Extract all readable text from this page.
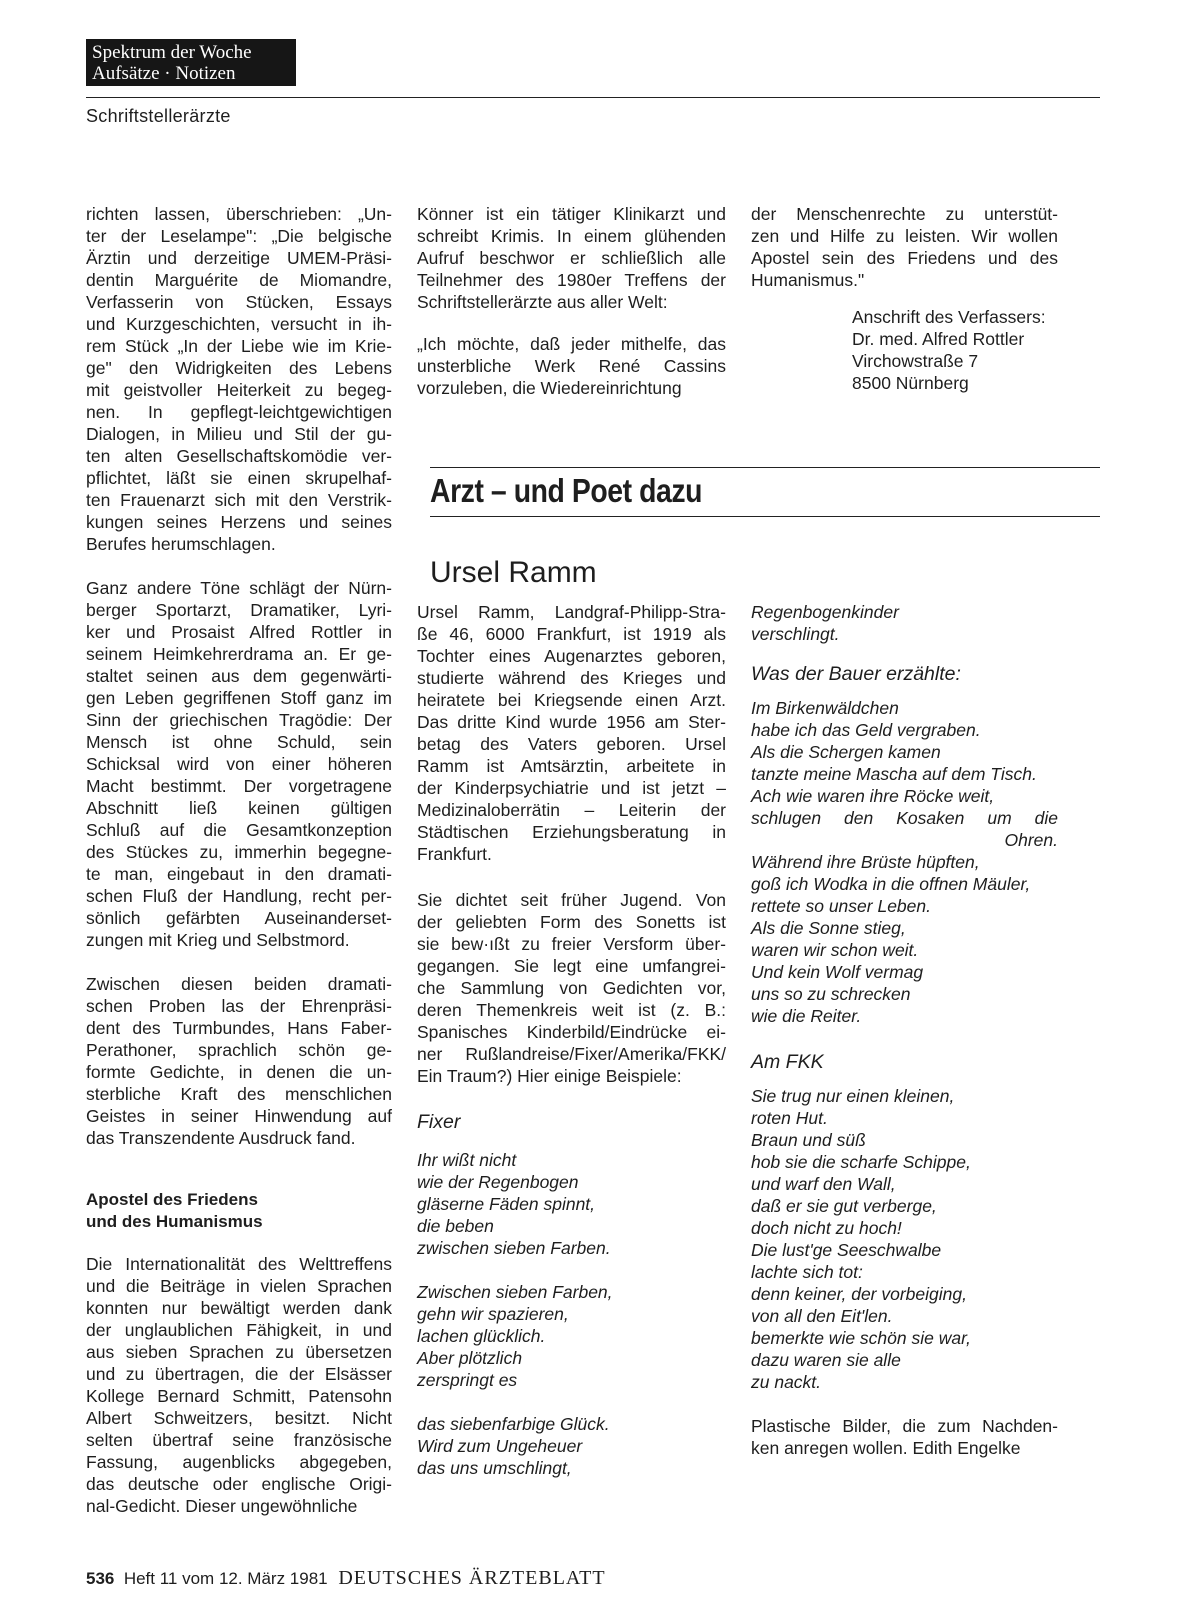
Spektrum der Woche
Aufsätze · Notizen
Schriftstellerärzte

richten lassen, überschrieben: „Un-

ter der Leselampe": „Die belgische

Ärztin und derzeitige UMEM-Präsi-

dentin Marguérite de Miomandre,

Verfasserin von Stücken, Essays

und Kurzgeschichten, versucht in ih-

rem Stück „In der Liebe wie im Krie-

ge" den Widrigkeiten des Lebens

mit geistvoller Heiterkeit zu begeg-

nen. In gepflegt-leichtgewichtigen

Dialogen, in Milieu und Stil der gu-

ten alten Gesellschaftskomödie ver-

pflichtet, läßt sie einen skrupelhaf-

ten Frauenarzt sich mit den Verstrik-

kungen seines Herzens und seines

Berufes herumschlagen.

Ganz andere Töne schlägt der Nürn-

berger Sportarzt, Dramatiker, Lyri-

ker und Prosaist Alfred Rottler in

seinem Heimkehrerdrama an. Er ge-

staltet seinen aus dem gegenwärti-

gen Leben gegriffenen Stoff ganz im

Sinn der griechischen Tragödie: Der

Mensch ist ohne Schuld, sein

Schicksal wird von einer höheren

Macht bestimmt. Der vorgetragene

Abschnitt ließ keinen gültigen

Schluß auf die Gesamtkonzeption

des Stückes zu, immerhin begegne-

te man, eingebaut in den dramati-

schen Fluß der Handlung, recht per-

sönlich gefärbten Auseinanderset-

zungen mit Krieg und Selbstmord.

Zwischen diesen beiden dramati-

schen Proben las der Ehrenpräsi-

dent des Turmbundes, Hans Faber-

Perathoner, sprachlich schön ge-

formte Gedichte, in denen die un-

sterbliche Kraft des menschlichen

Geistes in seiner Hinwendung auf

das Transzendente Ausdruck fand.

Apostel des Friedens

und des Humanismus

Die Internationalität des Welttreffens

und die Beiträge in vielen Sprachen

konnten nur bewältigt werden dank

der unglaublichen Fähigkeit, in und

aus sieben Sprachen zu übersetzen

und zu übertragen, die der Elsässer

Kollege Bernard Schmitt, Patensohn

Albert Schweitzers, besitzt. Nicht

selten übertraf seine französische

Fassung, augenblicks abgegeben,

das deutsche oder englische Origi-

nal-Gedicht. Dieser ungewöhnliche

Könner ist ein tätiger Klinikarzt und

schreibt Krimis. In einem glühenden

Aufruf beschwor er schließlich alle

Teilnehmer des 1980er Treffens der

Schriftstellerärzte aus aller Welt:

„Ich möchte, daß jeder mithelfe, das

unsterbliche Werk René Cassins

vorzuleben, die Wiedereinrichtung

der Menschenrechte zu unterstüt-

zen und Hilfe zu leisten. Wir wollen

Apostel sein des Friedens und des

Humanismus."

Anschrift des Verfassers:

Dr. med. Alfred Rottler

Virchowstraße 7

8500 Nürnberg

Arzt – und Poet dazu
Ursel Ramm

Ursel Ramm, Landgraf-Philipp-Stra-

ße 46, 6000 Frankfurt, ist 1919 als

Tochter eines Augenarztes geboren,

studierte während des Krieges und

heiratete bei Kriegsende einen Arzt.

Das dritte Kind wurde 1956 am Ster-

betag des Vaters geboren. Ursel

Ramm ist Amtsärztin, arbeitete in

der Kinderpsychiatrie und ist jetzt –

Medizinaloberrätin – Leiterin der

Städtischen Erziehungsberatung in

Frankfurt.

Sie dichtet seit früher Jugend. Von

der geliebten Form des Sonetts ist

sie bew·ıßt zu freier Versform über-

gegangen. Sie legt eine umfangrei-

che Sammlung von Gedichten vor,

deren Themenkreis weit ist (z. B.:

Spanisches Kinderbild/Eindrücke ei-

ner Rußlandreise/Fixer/Amerika/FKK/

Ein Traum?) Hier einige Beispiele:

Fixer

Ihr wißt nicht

wie der Regenbogen

gläserne Fäden spinnt,

die beben

zwischen sieben Farben.

Zwischen sieben Farben,

gehn wir spazieren,

lachen glücklich.

Aber plötzlich

zerspringt es

das siebenfarbige Glück.

Wird zum Ungeheuer

das uns umschlingt,

Regenbogenkinder

verschlingt.

Was der Bauer erzählte:

Im Birkenwäldchen

habe ich das Geld vergraben.

Als die Schergen kamen

tanzte meine Mascha auf dem Tisch.

Ach wie waren ihre Röcke weit,

schlugen den Kosaken um die

Ohren.

Während ihre Brüste hüpften,

goß ich Wodka in die offnen Mäuler,

rettete so unser Leben.

Als die Sonne stieg,

waren wir schon weit.

Und kein Wolf vermag

uns so zu schrecken

wie die Reiter.

Am FKK

Sie trug nur einen kleinen,

roten Hut.

Braun und süß

hob sie die scharfe Schippe,

und warf den Wall,

daß er sie gut verberge,

doch nicht zu hoch!

Die lust'ge Seeschwalbe

lachte sich tot:

denn keiner, der vorbeiging,

von all den Eit'len.

bemerkte wie schön sie war,

dazu waren sie alle

zu nackt.

Plastische Bilder, die zum Nachden-

ken anregen wollen. Edith Engelke

536 Heft 11 vom 12. März 1981 DEUTSCHES ÄRZTEBLATT
